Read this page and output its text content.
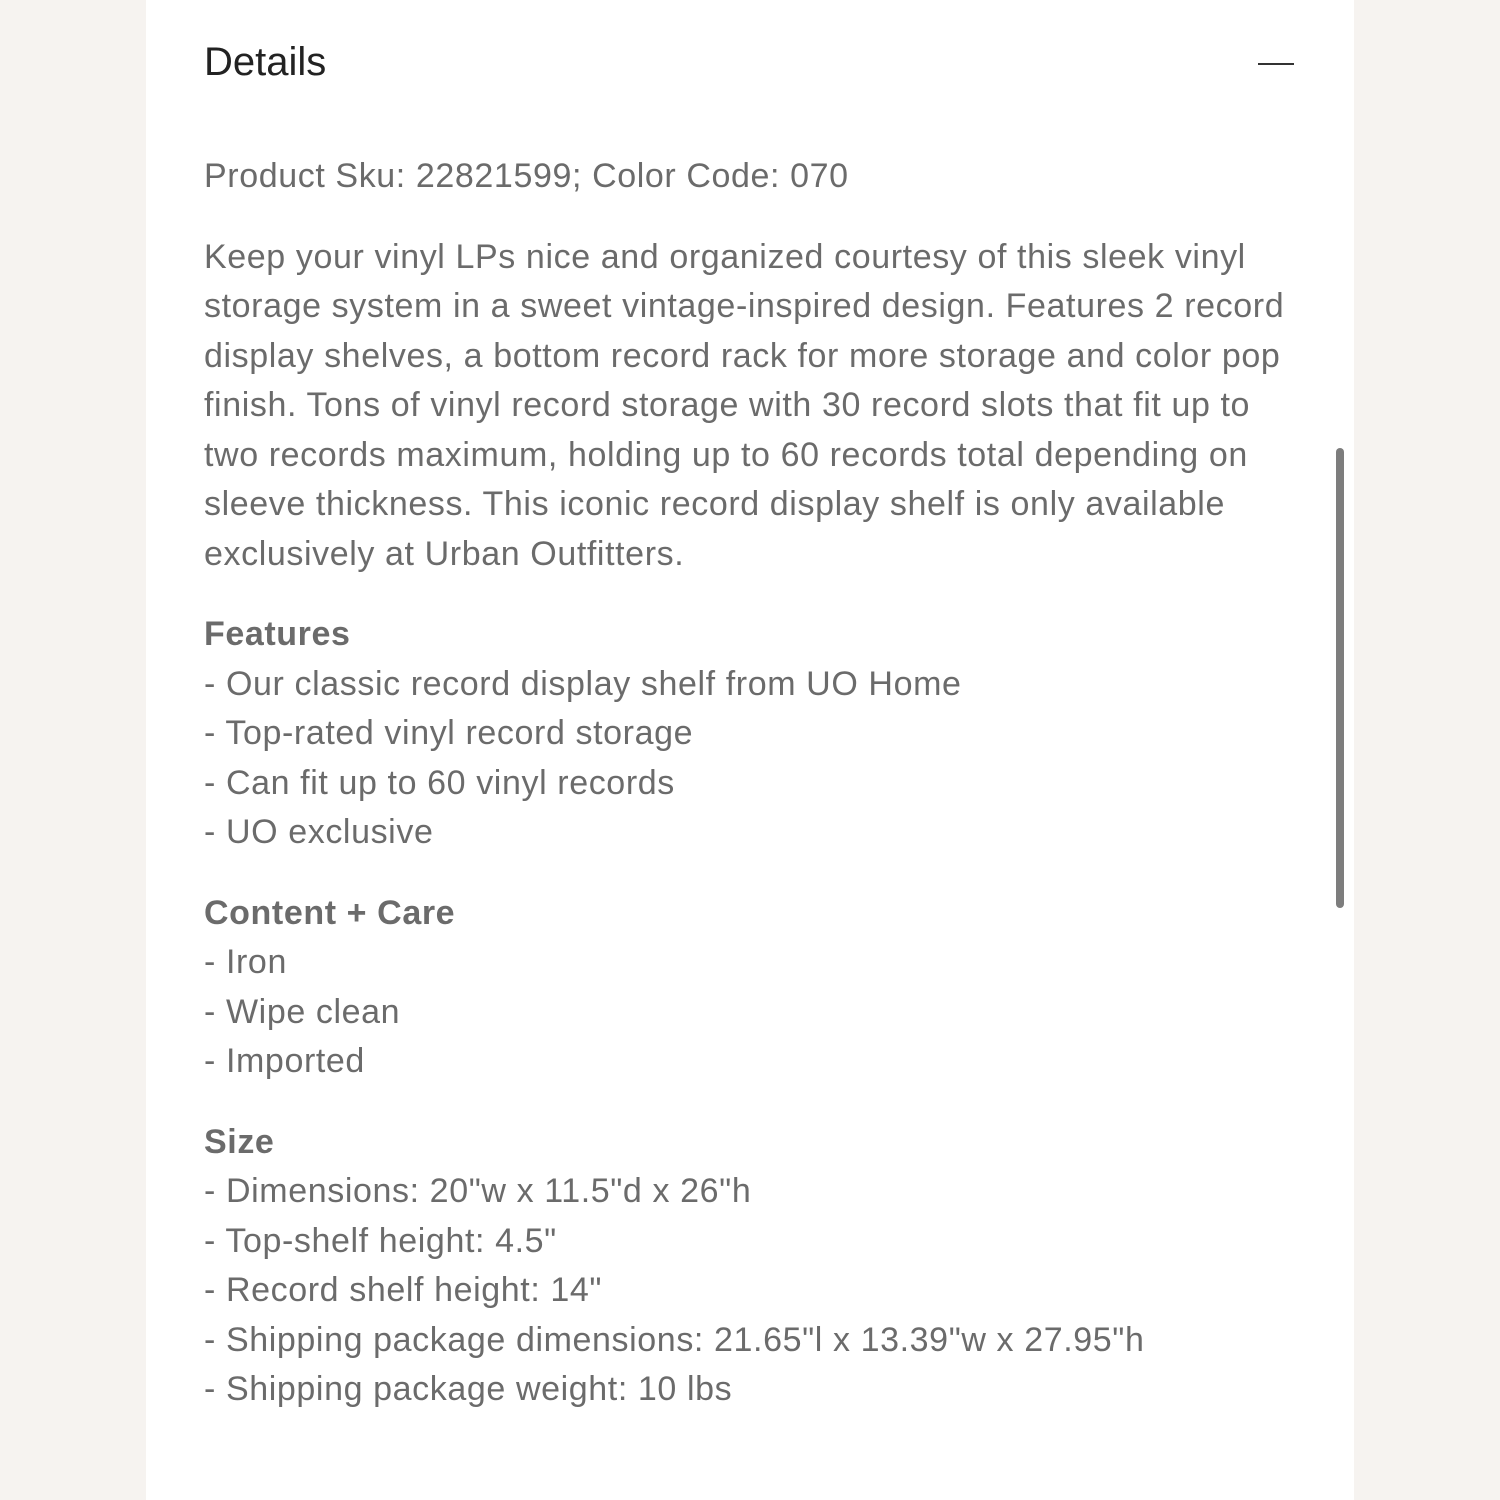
Details

Product Sku: 22821599; Color Code: 070

Keep your vinyl LPs nice and organized courtesy of this sleek vinyl storage system in a sweet vintage-inspired design. Features 2 record display shelves, a bottom record rack for more storage and color pop finish. Tons of vinyl record storage with 30 record slots that fit up to two records maximum, holding up to 60 records total depending on sleeve thickness. This iconic record display shelf is only available exclusively at Urban Outfitters.

Features
- Our classic record display shelf from UO Home
- Top-rated vinyl record storage
- Can fit up to 60 vinyl records
- UO exclusive
Content + Care
- Iron
- Wipe clean
- Imported
Size
- Dimensions: 20"w x 11.5"d x 26"h
- Top-shelf height: 4.5"
- Record shelf height: 14"
- Shipping package dimensions: 21.65"l x 13.39"w x 27.95"h
- Shipping package weight: 10 lbs
